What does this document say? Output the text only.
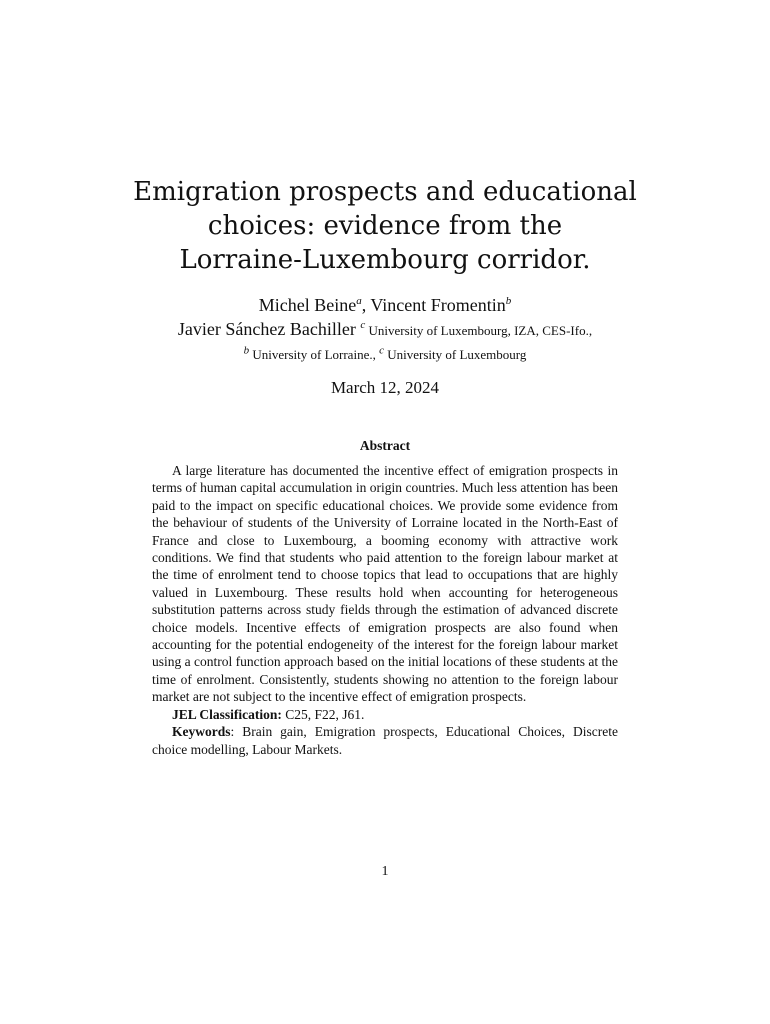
Emigration prospects and educational
choices: evidence from the
Lorraine-Luxembourg corridor.
Michel Beine$^a$, Vincent Fromentin$^b$
Javier Sánchez Bachiller $^c$ University of Luxembourg, IZA, CES-Ifo.,
$^b$ University of Lorraine., $^c$ University of Luxembourg
March 12, 2024
Abstract

A large literature has documented the incentive effect of emigration prospects in terms of human capital accumulation in origin countries. Much less attention has been paid to the impact on specific educational choices. We provide some evidence from the behaviour of students of the University of Lorraine located in the North-East of France and close to Luxembourg, a booming economy with attractive work conditions. We find that students who paid attention to the foreign labour market at the time of enrolment tend to choose topics that lead to occupations that are highly valued in Luxembourg. These results hold when accounting for heterogeneous substitution patterns across study fields through the estimation of advanced discrete choice models. Incentive effects of emigration prospects are also found when accounting for the potential endogeneity of the interest for the foreign labour market using a control function approach based on the initial locations of these students at the time of enrolment. Consistently, students showing no attention to the foreign labour market are not subject to the incentive effect of emigration prospects.

JEL Classification: C25, F22, J61.

Keywords: Brain gain, Emigration prospects, Educational Choices, Discrete choice modelling, Labour Markets.

1
